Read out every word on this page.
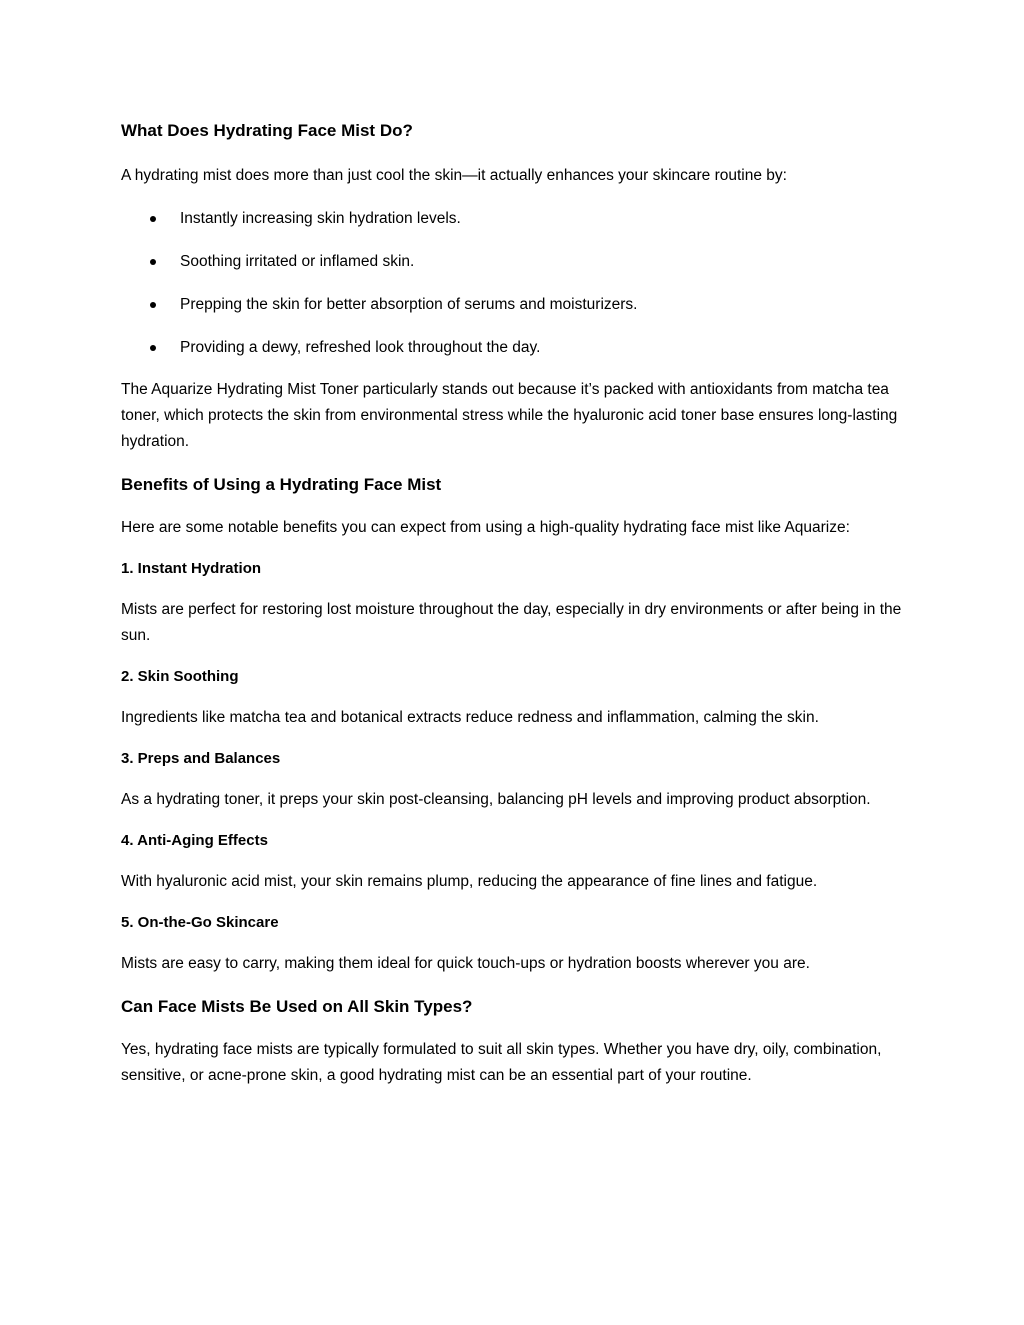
What Does Hydrating Face Mist Do?

A hydrating mist does more than just cool the skin—it actually enhances your skincare routine by:

Instantly increasing skin hydration levels.
Soothing irritated or inflamed skin.
Prepping the skin for better absorption of serums and moisturizers.
Providing a dewy, refreshed look throughout the day.

The Aquarize Hydrating Mist Toner particularly stands out because it’s packed with antioxidants from matcha tea toner, which protects the skin from environmental stress while the hyaluronic acid toner base ensures long-lasting hydration.

Benefits of Using a Hydrating Face Mist

Here are some notable benefits you can expect from using a high-quality hydrating face mist like Aquarize:

1. Instant Hydration

Mists are perfect for restoring lost moisture throughout the day, especially in dry environments or after being in the sun.

2. Skin Soothing

Ingredients like matcha tea and botanical extracts reduce redness and inflammation, calming the skin.

3. Preps and Balances

As a hydrating toner, it preps your skin post-cleansing, balancing pH levels and improving product absorption.

4. Anti-Aging Effects

With hyaluronic acid mist, your skin remains plump, reducing the appearance of fine lines and fatigue.

5. On-the-Go Skincare

Mists are easy to carry, making them ideal for quick touch-ups or hydration boosts wherever you are.

Can Face Mists Be Used on All Skin Types?

Yes, hydrating face mists are typically formulated to suit all skin types. Whether you have dry, oily, combination, sensitive, or acne-prone skin, a good hydrating mist can be an essential part of your routine.
